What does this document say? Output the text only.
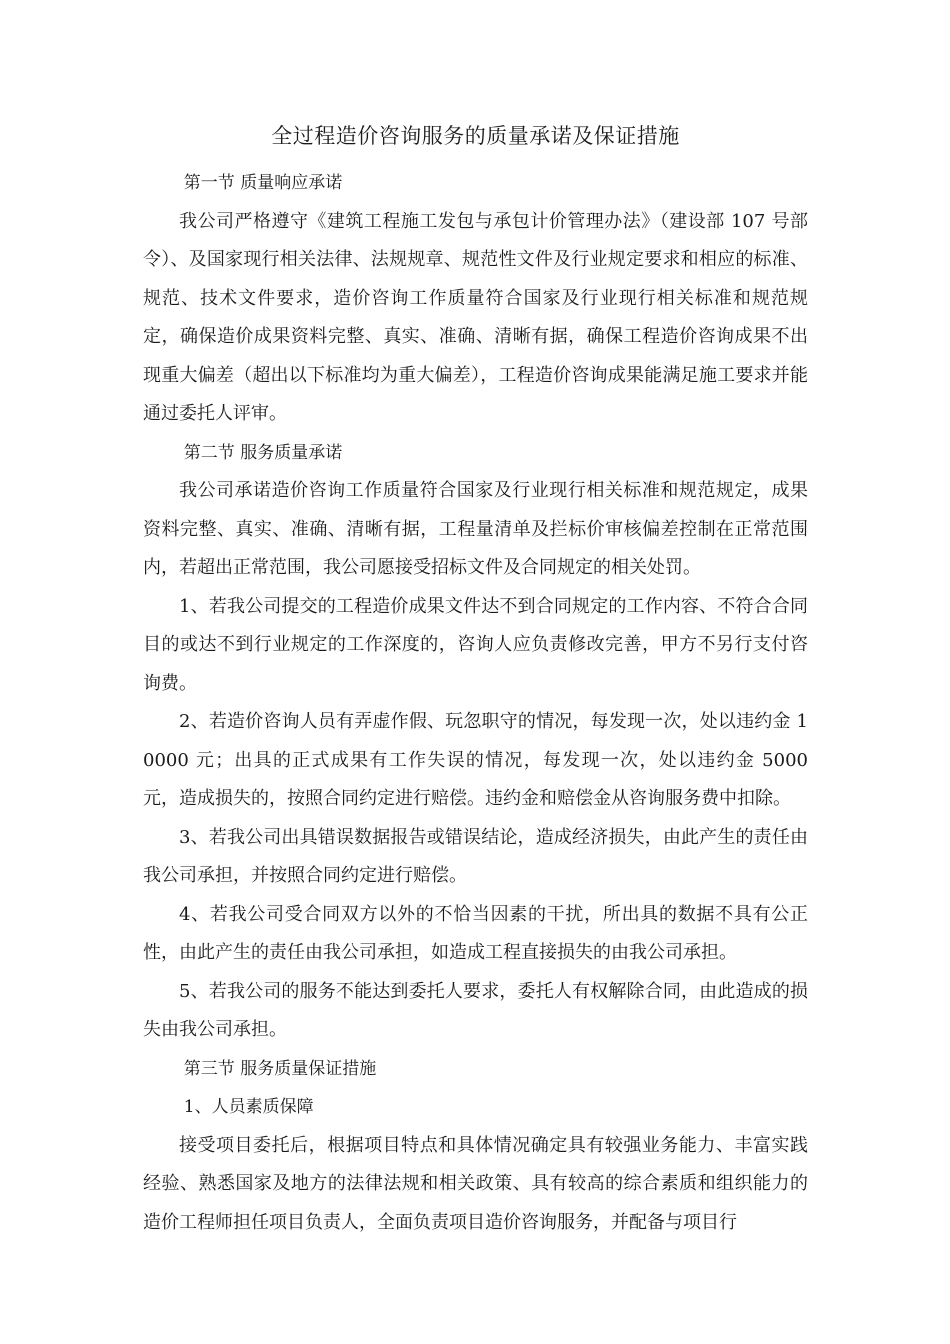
全过程造价咨询服务的质量承诺及保证措施

第一节 质量响应承诺

我公司严格遵守《建筑工程施工发包与承包计价管理办法》（建设部 107 号部令）、及国家现行相关法律、法规规章、规范性文件及行业规定要求和相应的标准、规范、技术文件要求，造价咨询工作质量符合国家及行业现行相关标准和规范规定，确保造价成果资料完整、真实、准确、清晰有据，确保工程造价咨询成果不出现重大偏差（超出以下标准均为重大偏差），工程造价咨询成果能满足施工要求并能通过委托人评审。

第二节 服务质量承诺

我公司承诺造价咨询工作质量符合国家及行业现行相关标准和规范规定，成果资料完整、真实、准确、清晰有据，工程量清单及拦标价审核偏差控制在正常范围内，若超出正常范围，我公司愿接受招标文件及合同规定的相关处罚。

1、若我公司提交的工程造价成果文件达不到合同规定的工作内容、不符合合同目的或达不到行业规定的工作深度的，咨询人应负责修改完善，甲方不另行支付咨询费。

2、若造价咨询人员有弄虚作假、玩忽职守的情况，每发现一次，处以违约金 10000 元；出具的正式成果有工作失误的情况，每发现一次，处以违约金 5000 元，造成损失的，按照合同约定进行赔偿。违约金和赔偿金从咨询服务费中扣除。

3、若我公司出具错误数据报告或错误结论，造成经济损失，由此产生的责任由我公司承担，并按照合同约定进行赔偿。

4、若我公司受合同双方以外的不恰当因素的干扰，所出具的数据不具有公正性，由此产生的责任由我公司承担，如造成工程直接损失的由我公司承担。

5、若我公司的服务不能达到委托人要求，委托人有权解除合同，由此造成的损失由我公司承担。

第三节 服务质量保证措施

1、人员素质保障

接受项目委托后，根据项目特点和具体情况确定具有较强业务能力、丰富实践经验、熟悉国家及地方的法律法规和相关政策、具有较高的综合素质和组织能力的造价工程师担任项目负责人，全面负责项目造价咨询服务，并配备与项目行
